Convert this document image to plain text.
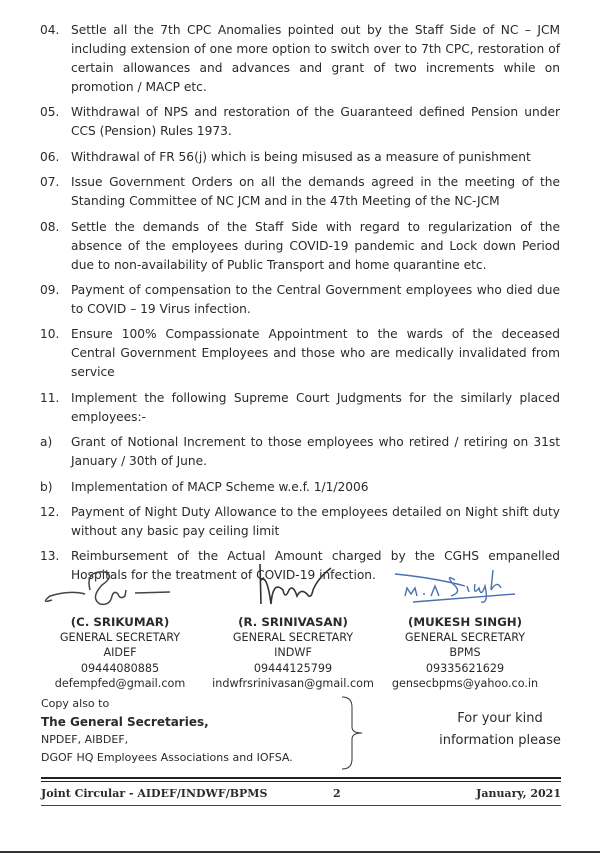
04. Settle all the 7th CPC Anomalies pointed out by the Staff Side of NC – JCM including extension of one more option to switch over to 7th CPC, restoration of certain allowances and advances and grant of two increments while on promotion / MACP etc.
05. Withdrawal of NPS and restoration of the Guaranteed defined Pension under CCS (Pension) Rules 1973.
06. Withdrawal of FR 56(j) which is being misused as a measure of punishment
07. Issue Government Orders on all the demands agreed in the meeting of the Standing Committee of NC JCM and in the 47th Meeting of the NC-JCM
08. Settle the demands of the Staff Side with regard to regularization of the absence of the employees during COVID-19 pandemic and Lock down Period due to non-availability of Public Transport and home quarantine etc.
09. Payment of compensation to the Central Government employees who died due to COVID – 19 Virus infection.
10. Ensure 100% Compassionate Appointment to the wards of the deceased Central Government Employees and those who are medically invalidated from service
11. Implement the following Supreme Court Judgments for the similarly placed employees:-
a)	Grant of Notional Increment to those employees who retired / retiring on 31st January / 30th of June.
b)	Implementation of MACP Scheme w.e.f. 1/1/2006
12. Payment of Night Duty Allowance to the employees detailed on Night shift duty without any basic pay ceiling limit
13. Reimbursement of the Actual Amount charged by the CGHS empanelled Hospitals for the treatment of COVID-19 infection.
(C. SRIKUMAR)
GENERAL SECRETARY
AIDEF
09444080885
defempfed@gmail.com
(R. SRINIVASAN)
GENERAL SECRETARY
INDWF
09444125799
indwfrsrinivasan@gmail.com
(MUKESH SINGH)
GENERAL SECRETARY
BPMS
09335621629
gensecbpms@yahoo.co.in
Copy also to
The General Secretaries,
NPDEF, AIBDEF,
DGOF HQ Employees Associations and IOFSA.
For your kind
information please
Joint Circular - AIDEF/INDWF/BPMS	2	January, 2021
